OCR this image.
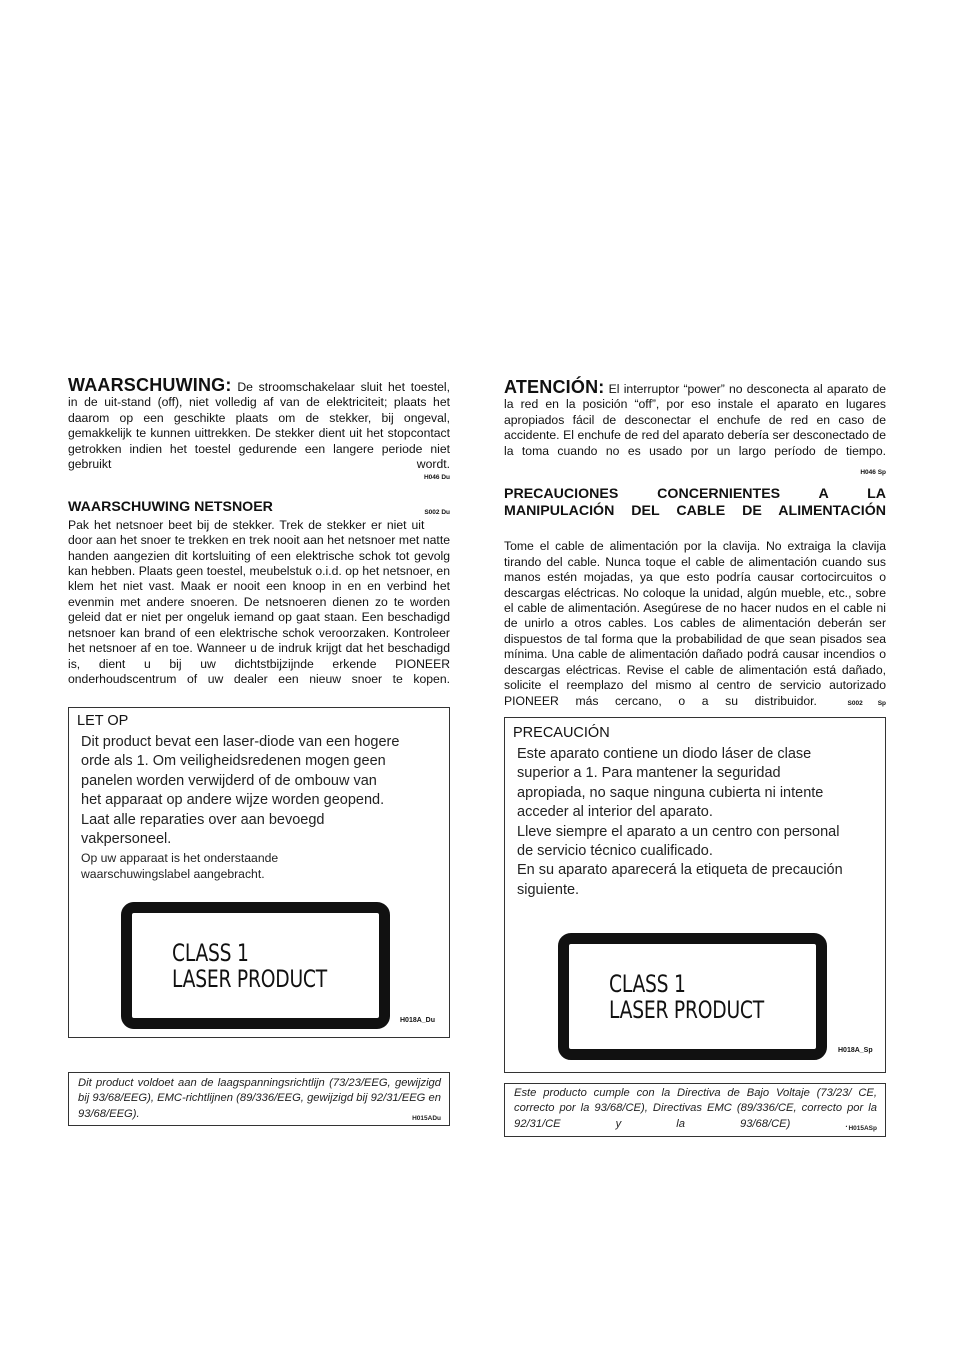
WAARSCHUWING: De stroomschakelaar sluit het toestel, in de uit-stand (off), niet volledig af van de elektriciteit; plaats het daarom op een geschikte plaats om de stekker, bij ongeval, gemakkelijk te kunnen uittrekken. De stekker dient uit het stopcontact getrokken indien het toestel gedurende een langere periode niet gebruikt wordt.

H046 Du
WAARSCHUWING NETSNOER	S002 Du

Pak het netsnoer beet bij de stekker. Trek de stekker er niet uit door aan het snoer te trekken en trek nooit aan het netsnoer met natte handen aangezien dit kortsluiting of een elektrische schok tot gevolg kan hebben. Plaats geen toestel, meubelstuk o.i.d. op het netsnoer, en klem het niet vast. Maak er nooit een knoop in en en verbind het evenmin met andere snoeren. De netsnoeren dienen zo te worden geleid dat er niet per ongeluk iemand op gaat staan. Een beschadigd netsnoer kan brand of een elektrische schok veroorzaken. Kontroleer het netsnoer af en toe. Wanneer u de indruk krijgt dat het beschadigd is, dient u bij uw dichtstbijzijnde erkende PIONEER onderhoudscentrum of uw dealer een nieuw snoer te kopen.

LET OP
Dit product bevat een laser-diode van een hogere
orde als 1. Om veiligheidsredenen mogen geen
panelen worden verwijderd of de ombouw van
het apparaat op andere wijze worden geopend.
Laat alle reparaties over aan bevoegd
vakpersoneel.
Op uw apparaat is het onderstaande
waarschuwingslabel aangebracht.
CLASS 1
LASER PRODUCT
H018A_Du
Dit product voldoet aan de laagspanningsrichtlijn (73/23/EEG, gewijzigd bij 93/68/EEG), EMC-richtlijnen (89/336/EEG, gewijzigd bij 92/31/EEG en 93/68/EEG).	H015ADu

ATENCIÓN: El interruptor “power” no desconecta al aparato de la red en la posición “off”, por eso instale el aparato en lugares apropiados fácil de desconectar el enchufe de red en caso de accidente. El enchufe de red del aparato debería ser desconectado de la toma cuando no es usado por un largo período de tiempo.

H046 Sp
PRECAUCIONES CONCERNIENTES A LA MANIPULACIÓN DEL CABLE DE ALIMENTACIÓN

Tome el cable de alimentación por la clavija. No extraiga la clavija tirando del cable. Nunca toque el cable de alimentación cuando sus manos estén mojadas, ya que esto podría causar cortocircuitos o descargas eléctricas. No coloque la unidad, algún mueble, etc., sobre el cable de alimentación. Asegúrese de no hacer nudos en el cable ni de unirlo a otros cables. Los cables de alimentación deberán ser dispuestos de tal forma que la probabilidad de que sean pisados sea mínima. Una cable de alimentación dañado podrá causar incendios o descargas eléctricas. Revise el cable de alimentación está dañado, solicite el reemplazo del mismo al centro de servicio autorizado PIONEER más cercano, o a su distribuidor.	S002 Sp

PRECAUCIÓN
Este aparato contiene un diodo láser de clase
superior a 1. Para mantener la seguridad
apropiada, no saque ninguna cubierta ni intente
acceder al interior del aparato.
Lleve siempre el aparato a un centro con personal
de servicio técnico cualificado.
En su aparato aparecerá la etiqueta de precaución
siguiente.
CLASS 1
LASER PRODUCT
H018A_Sp
Este producto cumple con la Directiva de Bajo Voltaje (73/23/ CE, correcto por la 93/68/CE), Directivas EMC (89/336/CE, correcto por la 92/31/CE y la 93/68/CE) . H015ASp
